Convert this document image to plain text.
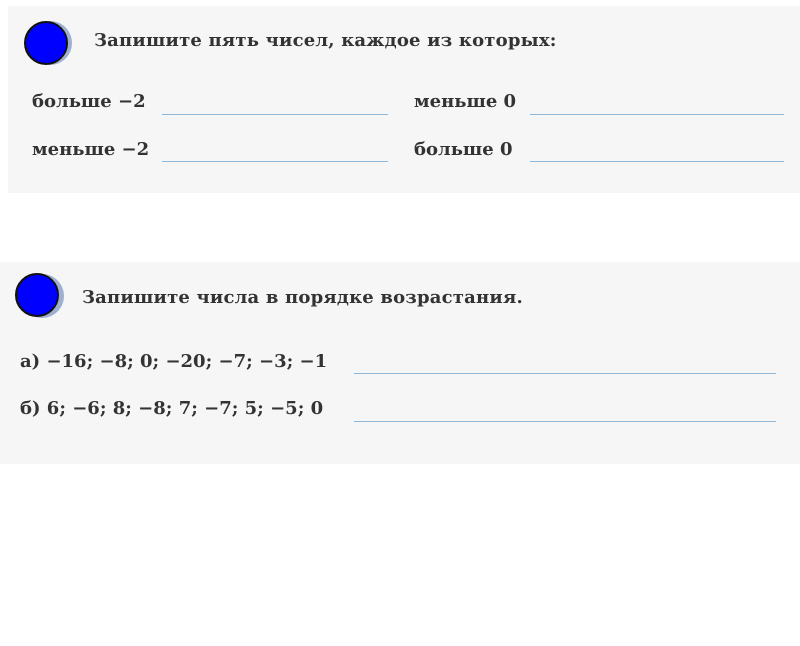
Запишите пять чисел, каждое из которых:
больше −2	меньше 0
меньше −2	больше 0
Запишите числа в порядке возрастания.
а) −16; −8; 0; −20; −7; −3; −1
б) 6; −6; 8; −8; 7; −7; 5; −5; 0
